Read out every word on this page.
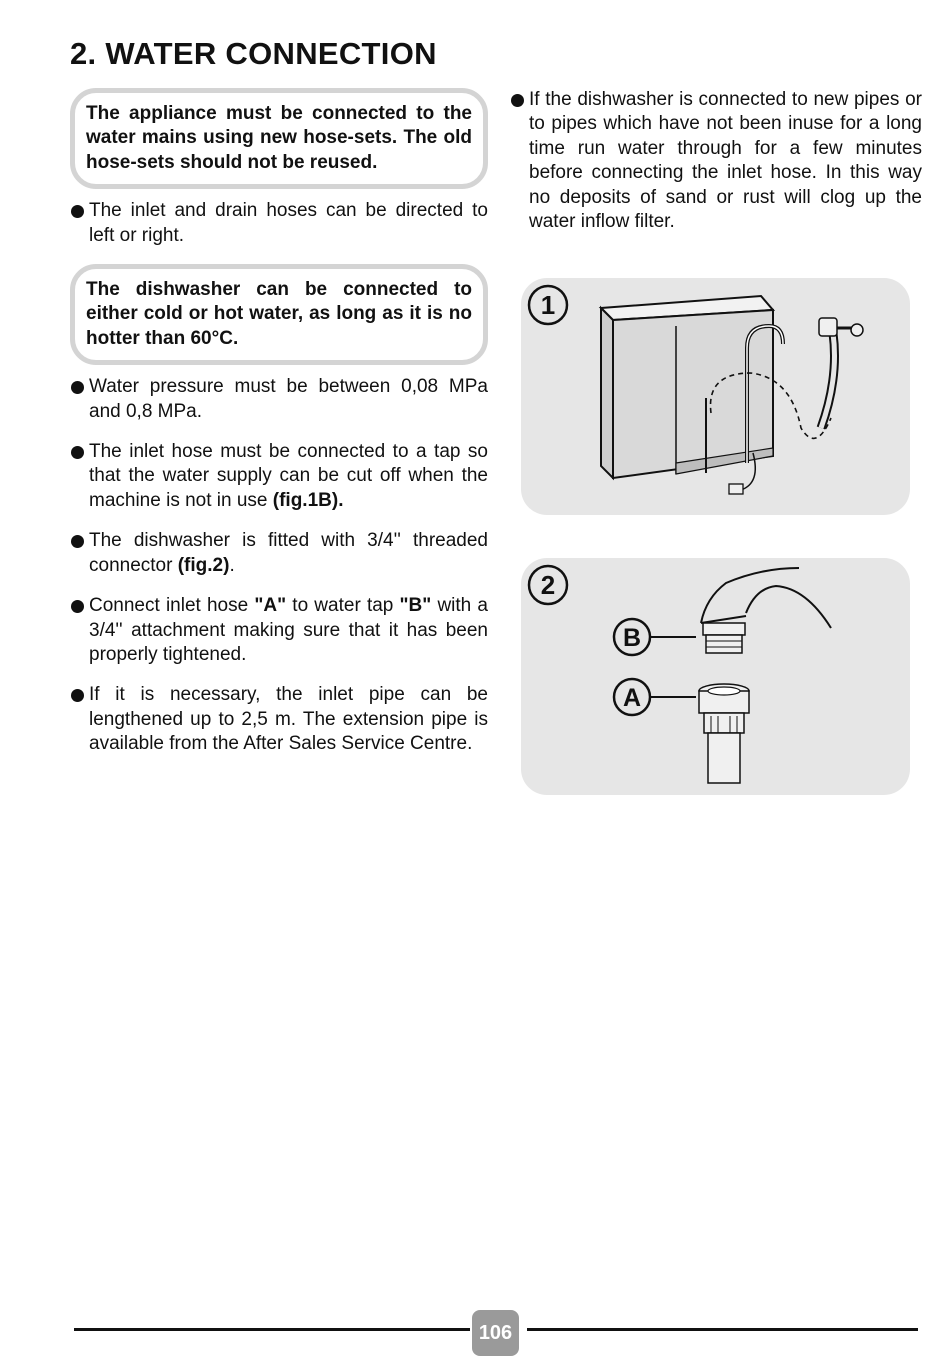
2. WATER CONNECTION
The appliance must be connected to the water mains using new hose-sets. The old hose-sets should not be reused.
The inlet and drain hoses can be directed to left or right.
The dishwasher can be connected to either cold or hot water, as long as it is no hotter than 60°C.
Water pressure must be between 0,08 MPa and 0,8 MPa.
The inlet hose must be connected to a tap so that the water supply can be cut off when the machine is not in use (fig.1B).
The dishwasher is fitted with 3/4'' threaded connector (fig.2).
Connect inlet hose "A" to water tap "B" with a 3/4'' attachment making sure that it has been properly tightened.
If it is necessary, the inlet pipe can be lengthened up to 2,5 m. The extension pipe is available from the After Sales Service Centre.
If the dishwasher is connected to new pipes or to pipes which have not been inuse for a long time run water through for a few minutes before connecting the inlet hose. In this way no deposits of sand or rust will clog up the water inflow filter.
1
2
B
A
106
